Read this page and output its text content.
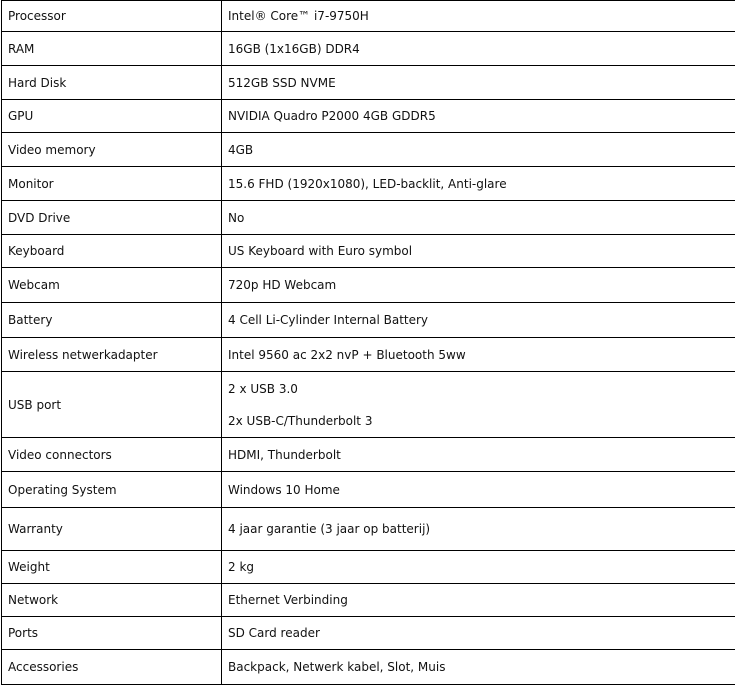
Processor	Intel® Core™ i7-9750H
RAM	16GB (1x16GB) DDR4
Hard Disk	512GB SSD NVME
GPU	NVIDIA Quadro P2000 4GB GDDR5
Video memory	4GB
Monitor	15.6 FHD (1920x1080), LED-backlit, Anti-glare
DVD Drive	No
Keyboard	US Keyboard with Euro symbol
Webcam	720p HD Webcam
Battery	4 Cell Li-Cylinder Internal Battery
Wireless netwerkadapter	Intel 9560 ac 2x2 nvP + Bluetooth 5ww
USB port	2 x USB 3.0
2x USB-C/Thunderbolt 3

Video connectors	HDMI, Thunderbolt
Operating System	Windows 10 Home
Warranty	4 jaar garantie (3 jaar op batterij)
Weight	2 kg
Network	Ethernet Verbinding
Ports	SD Card reader
Accessories	Backpack, Netwerk kabel, Slot, Muis
